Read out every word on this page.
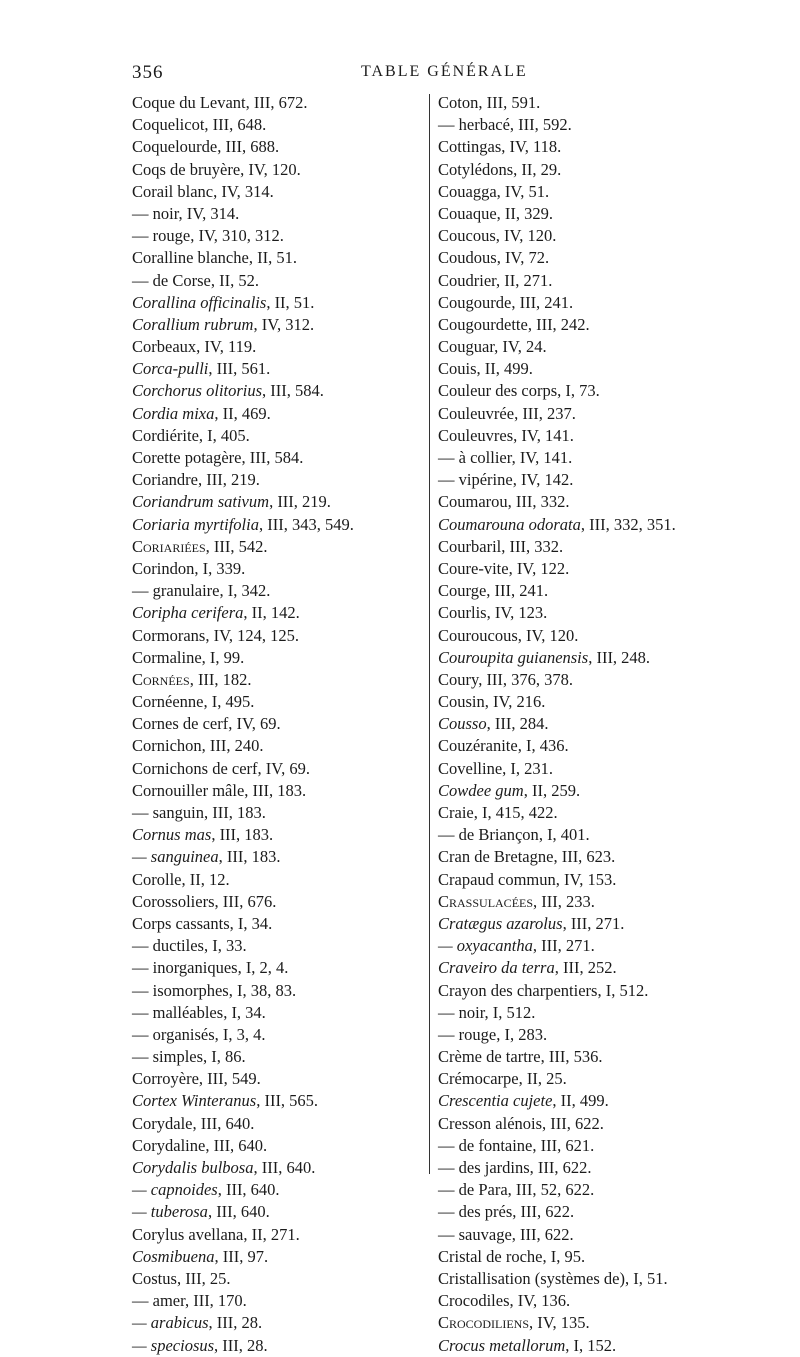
356	TABLE GÉNÉRALE
Coque du Levant, III, 672.
Coquelicot, III, 648.
Coquelourde, III, 688.
Coqs de bruyère, IV, 120.
Corail blanc, IV, 314.
— noir, IV, 314.
— rouge, IV, 310, 312.
Coralline blanche, II, 51.
— de Corse, II, 52.
Corallina officinalis, II, 51.
Corallium rubrum, IV, 312.
Corbeaux, IV, 119.
Corca-pulli, III, 561.
Corchorus olitorius, III, 584.
Cordia mixa, II, 469.
Cordiérite, I, 405.
Corette potagère, III, 584.
Coriandre, III, 219.
Coriandrum sativum, III, 219.
Coriaria myrtifolia, III, 343, 549.
Coriariées, III, 542.
Corindon, I, 339.
— granulaire, I, 342.
Coripha cerifera, II, 142.
Cormorans, IV, 124, 125.
Cormaline, I, 99.
Cornées, III, 182.
Cornéenne, I, 495.
Cornes de cerf, IV, 69.
Cornichon, III, 240.
Cornichons de cerf, IV, 69.
Cornouiller mâle, III, 183.
— sanguin, III, 183.
Cornus mas, III, 183.
— sanguinea, III, 183.
Corolle, II, 12.
Corossoliers, III, 676.
Corps cassants, I, 34.
— ductiles, I, 33.
— inorganiques, I, 2, 4.
— isomorphes, I, 38, 83.
— malléables, I, 34.
— organisés, I, 3, 4.
— simples, I, 86.
Corroyère, III, 549.
Cortex Winteranus, III, 565.
Corydale, III, 640.
Corydaline, III, 640.
Corydalis bulbosa, III, 640.
— capnoides, III, 640.
— tuberosa, III, 640.
Corylus avellana, II, 271.
Cosmibuena, III, 97.
Costus, III, 25.
— amer, III, 170.
— arabicus, III, 28.
— speciosus, III, 28.
Coton, III, 591.
— herbacé, III, 592.
Cottingas, IV, 118.
Cotylédons, II, 29.
Couagga, IV, 51.
Couaque, II, 329.
Coucous, IV, 120.
Coudous, IV, 72.
Coudrier, II, 271.
Cougourde, III, 241.
Cougourdette, III, 242.
Couguar, IV, 24.
Couis, II, 499.
Couleur des corps, I, 73.
Couleuvrée, III, 237.
Couleuvres, IV, 141.
— à collier, IV, 141.
— vipérine, IV, 142.
Coumarou, III, 332.
Coumarouna odorata, III, 332, 351.
Courbaril, III, 332.
Coure-vite, IV, 122.
Courge, III, 241.
Courlis, IV, 123.
Couroucous, IV, 120.
Couroupita guianensis, III, 248.
Coury, III, 376, 378.
Cousin, IV, 216.
Cousso, III, 284.
Couzéranite, I, 436.
Covelline, I, 231.
Cowdee gum, II, 259.
Craie, I, 415, 422.
— de Briançon, I, 401.
Cran de Bretagne, III, 623.
Crapaud commun, IV, 153.
Crassulacées, III, 233.
Cratægus azarolus, III, 271.
— oxyacantha, III, 271.
Craveiro da terra, III, 252.
Crayon des charpentiers, I, 512.
— noir, I, 512.
— rouge, I, 283.
Crème de tartre, III, 536.
Crémocarpe, II, 25.
Crescentia cujete, II, 499.
Cresson alénois, III, 622.
— de fontaine, III, 621.
— des jardins, III, 622.
— de Para, III, 52, 622.
— des prés, III, 622.
— sauvage, III, 622.
Cristal de roche, I, 95.
Cristallisation (systèmes de), I, 51.
Crocodiles, IV, 136.
Crocodiliens, IV, 135.
Crocus metallorum, I, 152.
